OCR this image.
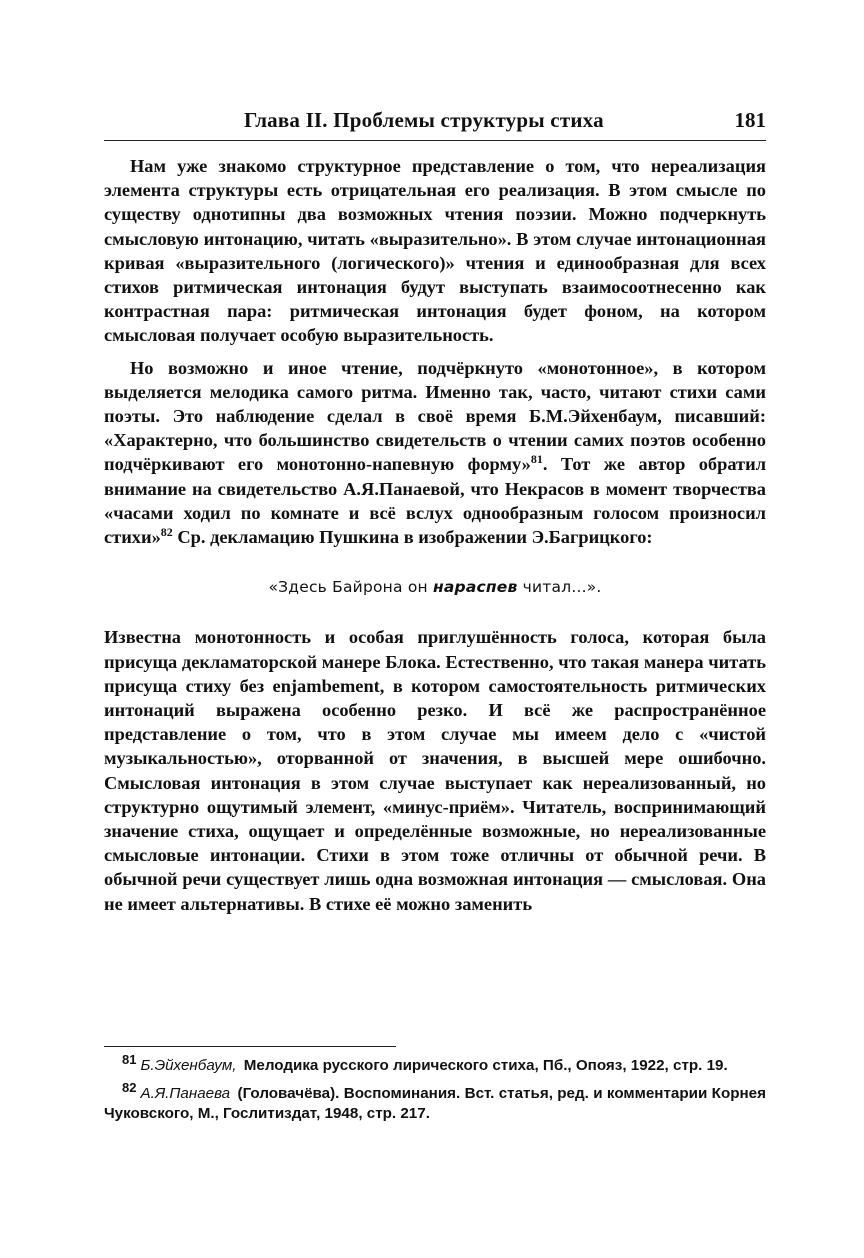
Глава II. Проблемы структуры стиха	181

Нам уже знакомо структурное представление о том, что нереализация элемента структуры есть отрицательная его реализация. В этом смысле по существу однотипны два возможных чтения поэзии. Можно подчеркнуть смысловую интонацию, читать «выразительно». В этом случае интонационная кривая «выразительного (логического)» чтения и единообразная для всех стихов ритмическая интонация будут выступать взаимосоотнесенно как контрастная пара: ритмическая интонация будет фоном, на котором смысловая получает особую выразительность.

Но возможно и иное чтение, подчёркнуто «монотонное», в котором выделяется мелодика самого ритма. Именно так, часто, читают стихи сами поэты. Это наблюдение сделал в своё время Б.М.Эйхенбаум, писавший: «Характерно, что большинство свидетельств о чтении самих поэтов особенно подчёркивают его монотонно-напевную форму»$^{81}$. Тот же автор обратил внимание на свидетельство А.Я.Панаевой, что Некрасов в момент творчества «часами ходил по комнате и всё вслух однообразным голосом произносил стихи»$^{82}$ Ср. декламацию Пушкина в изображении Э.Багрицкого:

«Здесь Байрона он нараспев читал...».

Известна монотонность и особая приглушённость голоса, которая была присуща декламаторской манере Блока. Естественно, что такая манера читать присуща стиху без enjambement, в котором самостоятельность ритмических интонаций выражена особенно резко. И всё же распространённое представление о том, что в этом случае мы имеем дело с «чистой музыкальностью», оторванной от значения, в высшей мере ошибочно. Смысловая интонация в этом случае выступает как нереализованный, но структурно ощутимый элемент, «минус-приём». Читатель, воспринимающий значение стиха, ощущает и определённые возможные, но нереализованные смысловые интонации. Стихи в этом тоже отличны от обычной речи. В обычной речи существует лишь одна возможная интонация — смысловая. Она не имеет альтернативы. В стихе её можно заменить

81 Б.Эйхенбаум, Мелодика русского лирического стиха, Пб., Опояз, 1922, стр. 19.

82 А.Я.Панаева (Головачёва). Воспоминания. Вст. статья, ред. и комментарии Корнея Чуковского, М., Гослитиздат, 1948, стр. 217.
